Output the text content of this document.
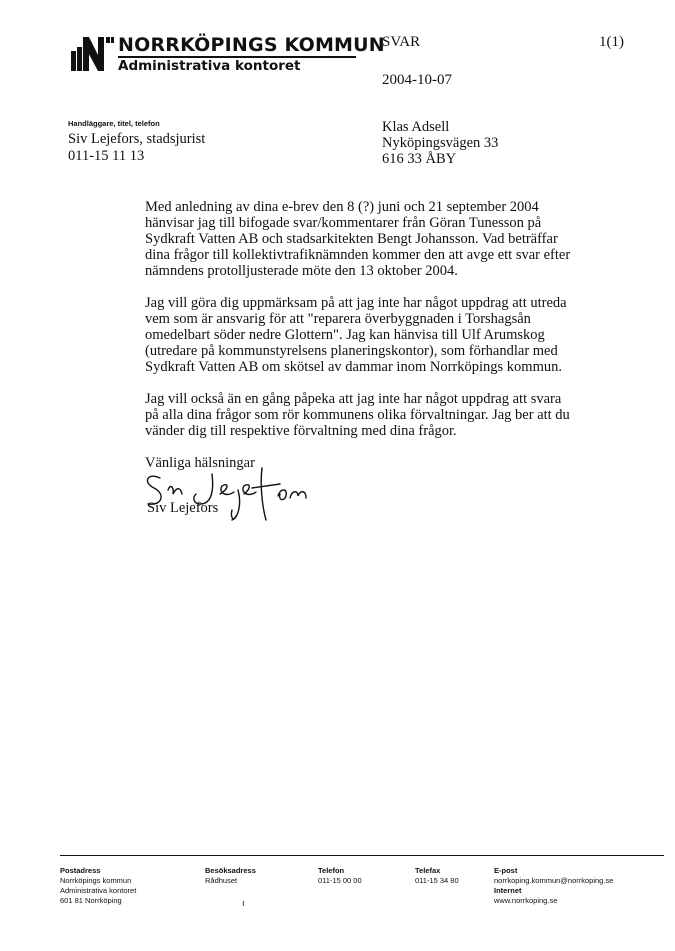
NORRKÖPINGS KOMMUN
Administrativa kontoret
SVAR	1(1)
2004-10-07
Handläggare, titel, telefon
Siv Lejefors, stadsjurist
011-15 11 13
Klas Adsell
Nyköpingsvägen 33
616 33 ÅBY

Med anledning av dina e-brev den 8 (?) juni och 21 september 2004 hänvisar jag till bifogade svar/kommentarer från Göran Tunesson på Sydkraft Vatten AB och stadsarkitekten Bengt Johansson. Vad beträffar dina frågor till kollektivtrafiknämnden kommer den att avge ett svar efter nämndens protolljusterade möte den 13 oktober 2004.

Jag vill göra dig uppmärksam på att jag inte har något uppdrag att utreda vem som är ansvarig för att "reparera överbyggnaden i Torshagsån omedelbart söder nedre Glottern". Jag kan hänvisa till Ulf Arumskog (utredare på kommunstyrelsens planeringskontor), som förhandlar med Sydkraft Vatten AB om skötsel av dammar inom Norrköpings kommun.

Jag vill också än en gång påpeka att jag inte har något uppdrag att svara på alla dina frågor som rör kommunens olika förvaltningar. Jag ber att du vänder dig till respektive förvaltning med dina frågor.

Vänliga hälsningar

Siv Lejefors
Postadress
Norrköpings kommun
Administrativa kontoret
601 81 Norrköping
Besöksadress
Rådhuset
Telefon
011-15 00 00
Telefax
011-15 34 80
E-post
norrkoping.kommun@norrkoping.se
Internet
www.norrkoping.se
ı
